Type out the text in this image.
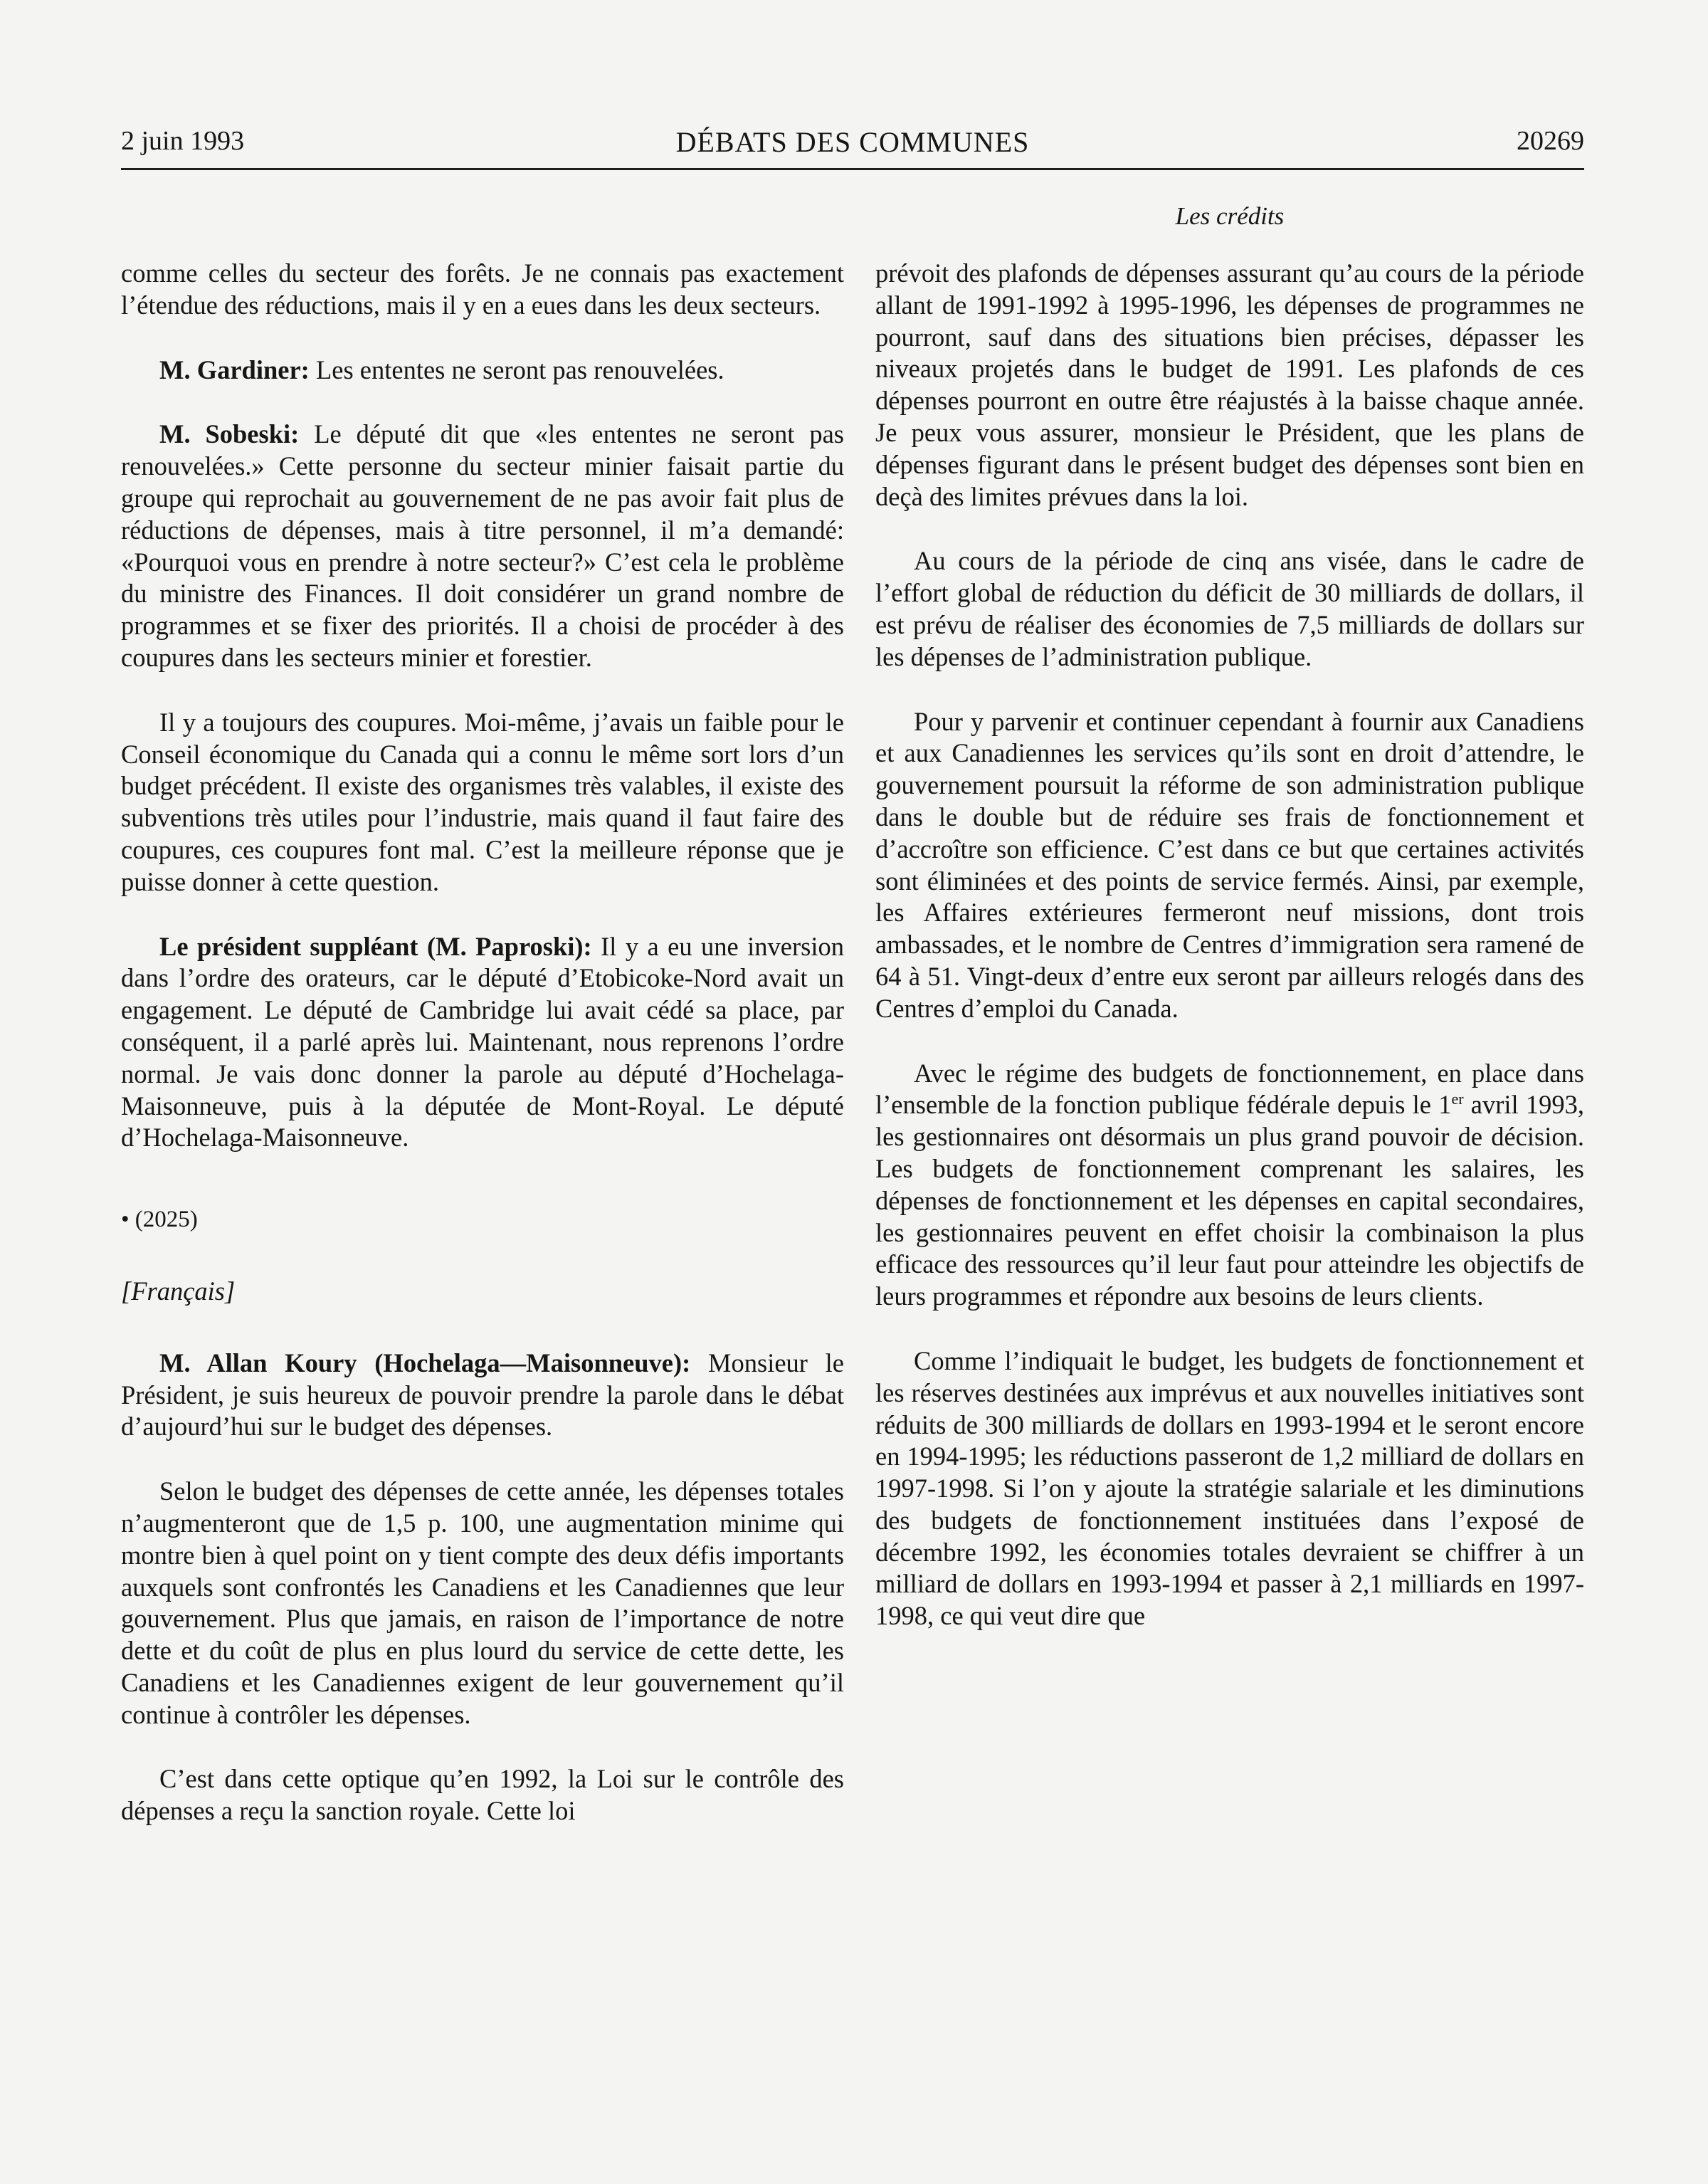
2 juin 1993	DÉBATS DES COMMUNES	20269
Les crédits

comme celles du secteur des forêts. Je ne connais pas exactement l’étendue des réductions, mais il y en a eues dans les deux secteurs.

M. Gardiner: Les ententes ne seront pas renouvelées.

M. Sobeski: Le député dit que «les ententes ne seront pas renouvelées.» Cette personne du secteur minier faisait partie du groupe qui reprochait au gouvernement de ne pas avoir fait plus de réductions de dépenses, mais à titre personnel, il m’a demandé: «Pourquoi vous en prendre à notre secteur?» C’est cela le problème du ministre des Finances. Il doit considérer un grand nombre de programmes et se fixer des priorités. Il a choisi de procéder à des coupures dans les secteurs minier et forestier.

Il y a toujours des coupures. Moi-même, j’avais un faible pour le Conseil économique du Canada qui a connu le même sort lors d’un budget précédent. Il existe des organismes très valables, il existe des subventions très utiles pour l’industrie, mais quand il faut faire des coupures, ces coupures font mal. C’est la meilleure réponse que je puisse donner à cette question.

Le président suppléant (M. Paproski): Il y a eu une inversion dans l’ordre des orateurs, car le député d’Etobicoke-Nord avait un engagement. Le député de Cambridge lui avait cédé sa place, par conséquent, il a parlé après lui. Maintenant, nous reprenons l’ordre normal. Je vais donc donner la parole au député d’Hochelaga-Maisonneuve, puis à la députée de Mont-Royal. Le député d’Hochelaga-Maisonneuve.

• (2025)

[Français]

M. Allan Koury (Hochelaga—Maisonneuve): Monsieur le Président, je suis heureux de pouvoir prendre la parole dans le débat d’aujourd’hui sur le budget des dépenses.

Selon le budget des dépenses de cette année, les dépenses totales n’augmenteront que de 1,5 p. 100, une augmentation minime qui montre bien à quel point on y tient compte des deux défis importants auxquels sont confrontés les Canadiens et les Canadiennes que leur gouvernement. Plus que jamais, en raison de l’importance de notre dette et du coût de plus en plus lourd du service de cette dette, les Canadiens et les Canadiennes exigent de leur gouvernement qu’il continue à contrôler les dépenses.

C’est dans cette optique qu’en 1992, la Loi sur le contrôle des dépenses a reçu la sanction royale. Cette loi

prévoit des plafonds de dépenses assurant qu’au cours de la période allant de 1991-1992 à 1995-1996, les dépenses de programmes ne pourront, sauf dans des situations bien précises, dépasser les niveaux projetés dans le budget de 1991. Les plafonds de ces dépenses pourront en outre être réajustés à la baisse chaque année. Je peux vous assurer, monsieur le Président, que les plans de dépenses figurant dans le présent budget des dépenses sont bien en deçà des limites prévues dans la loi.

Au cours de la période de cinq ans visée, dans le cadre de l’effort global de réduction du déficit de 30 milliards de dollars, il est prévu de réaliser des économies de 7,5 milliards de dollars sur les dépenses de l’administration publique.

Pour y parvenir et continuer cependant à fournir aux Canadiens et aux Canadiennes les services qu’ils sont en droit d’attendre, le gouvernement poursuit la réforme de son administration publique dans le double but de réduire ses frais de fonctionnement et d’accroître son efficience. C’est dans ce but que certaines activités sont éliminées et des points de service fermés. Ainsi, par exemple, les Affaires extérieures fermeront neuf missions, dont trois ambassades, et le nombre de Centres d’immigration sera ramené de 64 à 51. Vingt-deux d’entre eux seront par ailleurs relogés dans des Centres d’emploi du Canada.

Avec le régime des budgets de fonctionnement, en place dans l’ensemble de la fonction publique fédérale depuis le 1er avril 1993, les gestionnaires ont désormais un plus grand pouvoir de décision. Les budgets de fonctionnement comprenant les salaires, les dépenses de fonctionnement et les dépenses en capital secondaires, les gestionnaires peuvent en effet choisir la combinaison la plus efficace des ressources qu’il leur faut pour atteindre les objectifs de leurs programmes et répondre aux besoins de leurs clients.

Comme l’indiquait le budget, les budgets de fonctionnement et les réserves destinées aux imprévus et aux nouvelles initiatives sont réduits de 300 milliards de dollars en 1993-1994 et le seront encore en 1994-1995; les réductions passeront de 1,2 milliard de dollars en 1997-1998. Si l’on y ajoute la stratégie salariale et les diminutions des budgets de fonctionnement instituées dans l’exposé de décembre 1992, les économies totales devraient se chiffrer à un milliard de dollars en 1993-1994 et passer à 2,1 milliards en 1997-1998, ce qui veut dire que
